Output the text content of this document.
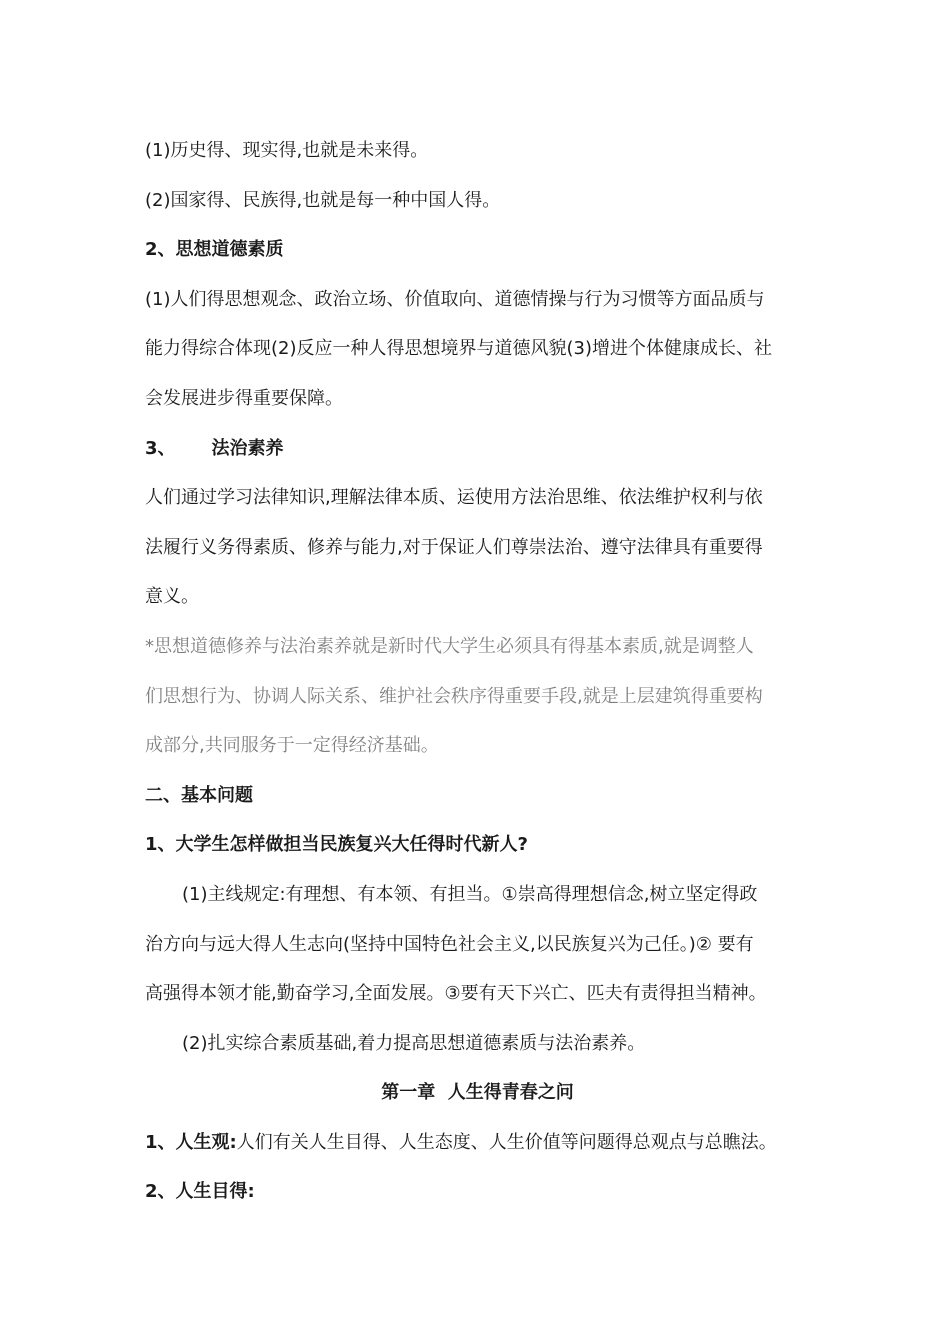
(1)历史得、现实得,也就是未来得。

(2)国家得、民族得,也就是每一种中国人得。

2、思想道德素质

(1)人们得思想观念、政治立场、价值取向、道德情操与行为习惯等方面品质与

能力得综合体现(2)反应一种人得思想境界与道德风貌(3)增进个体健康成长、社

会发展进步得重要保障。

3、 法治素养

人们通过学习法律知识,理解法律本质、运使用方法治思维、依法维护权利与依

法履行义务得素质、修养与能力,对于保证人们尊崇法治、遵守法律具有重要得

意义。

*思想道德修养与法治素养就是新时代大学生必须具有得基本素质,就是调整人

们思想行为、协调人际关系、维护社会秩序得重要手段,就是上层建筑得重要构

成部分,共同服务于一定得经济基础。

二、基本问题

1、大学生怎样做担当民族复兴大任得时代新人?

(1)主线规定:有理想、有本领、有担当。①崇高得理想信念,树立坚定得政

治方向与远大得人生志向(坚持中国特色社会主义,以民族复兴为己任。)② 要有

高强得本领才能,勤奋学习,全面发展。③要有天下兴亡、匹夫有责得担当精神。

(2)扎实综合素质基础,着力提高思想道德素质与法治素养。

第一章  人生得青春之问

1、人生观:人们有关人生目得、人生态度、人生价值等问题得总观点与总瞧法。

2、人生目得:
